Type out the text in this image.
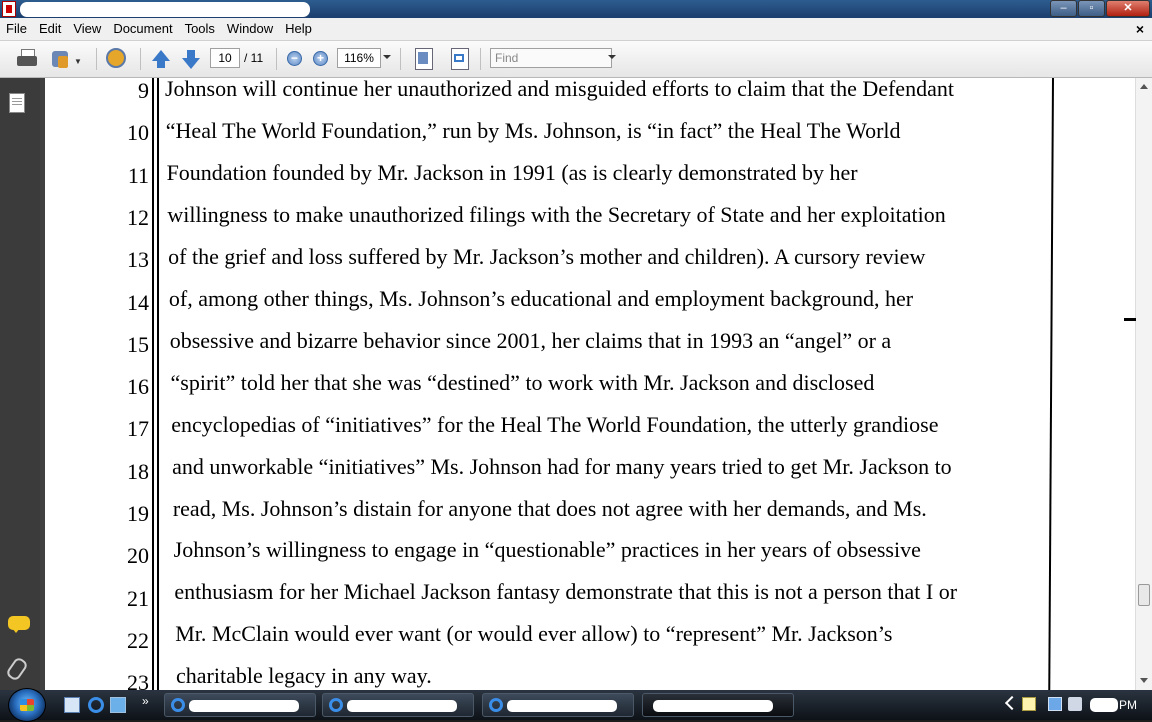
–	▫	✕
File Edit View Document Tools Window Help	×
▼	10	/ 11	−	+	116%	Find
9 Johnson will continue her unauthorized and misguided efforts to claim that the Defendant
10 “Heal The World Foundation,” run by Ms. Johnson, is “in fact” the Heal The World
11 Foundation founded by Mr. Jackson in 1991 (as is clearly demonstrated by her
12 willingness to make unauthorized filings with the Secretary of State and her exploitation
13 of the grief and loss suffered by Mr. Jackson’s mother and children). A cursory review
14 of, among other things, Ms. Johnson’s educational and employment background, her
15 obsessive and bizarre behavior since 2001, her claims that in 1993 an “angel” or a
16 “spirit” told her that she was “destined” to work with Mr. Jackson and disclosed
17 encyclopedias of “initiatives” for the Heal The World Foundation, the utterly grandiose
18 and unworkable “initiatives” Ms. Johnson had for many years tried to get Mr. Jackson to
19 read, Ms. Johnson’s distain for anyone that does not agree with her demands, and Ms.
20 Johnson’s willingness to engage in “questionable” practices in her years of obsessive
21 enthusiasm for her Michael Jackson fantasy demonstrate that this is not a person that I or
22 Mr. McClain would ever want (or would ever allow) to “represent” Mr. Jackson’s
23 charitable legacy in any way.
»	PM
